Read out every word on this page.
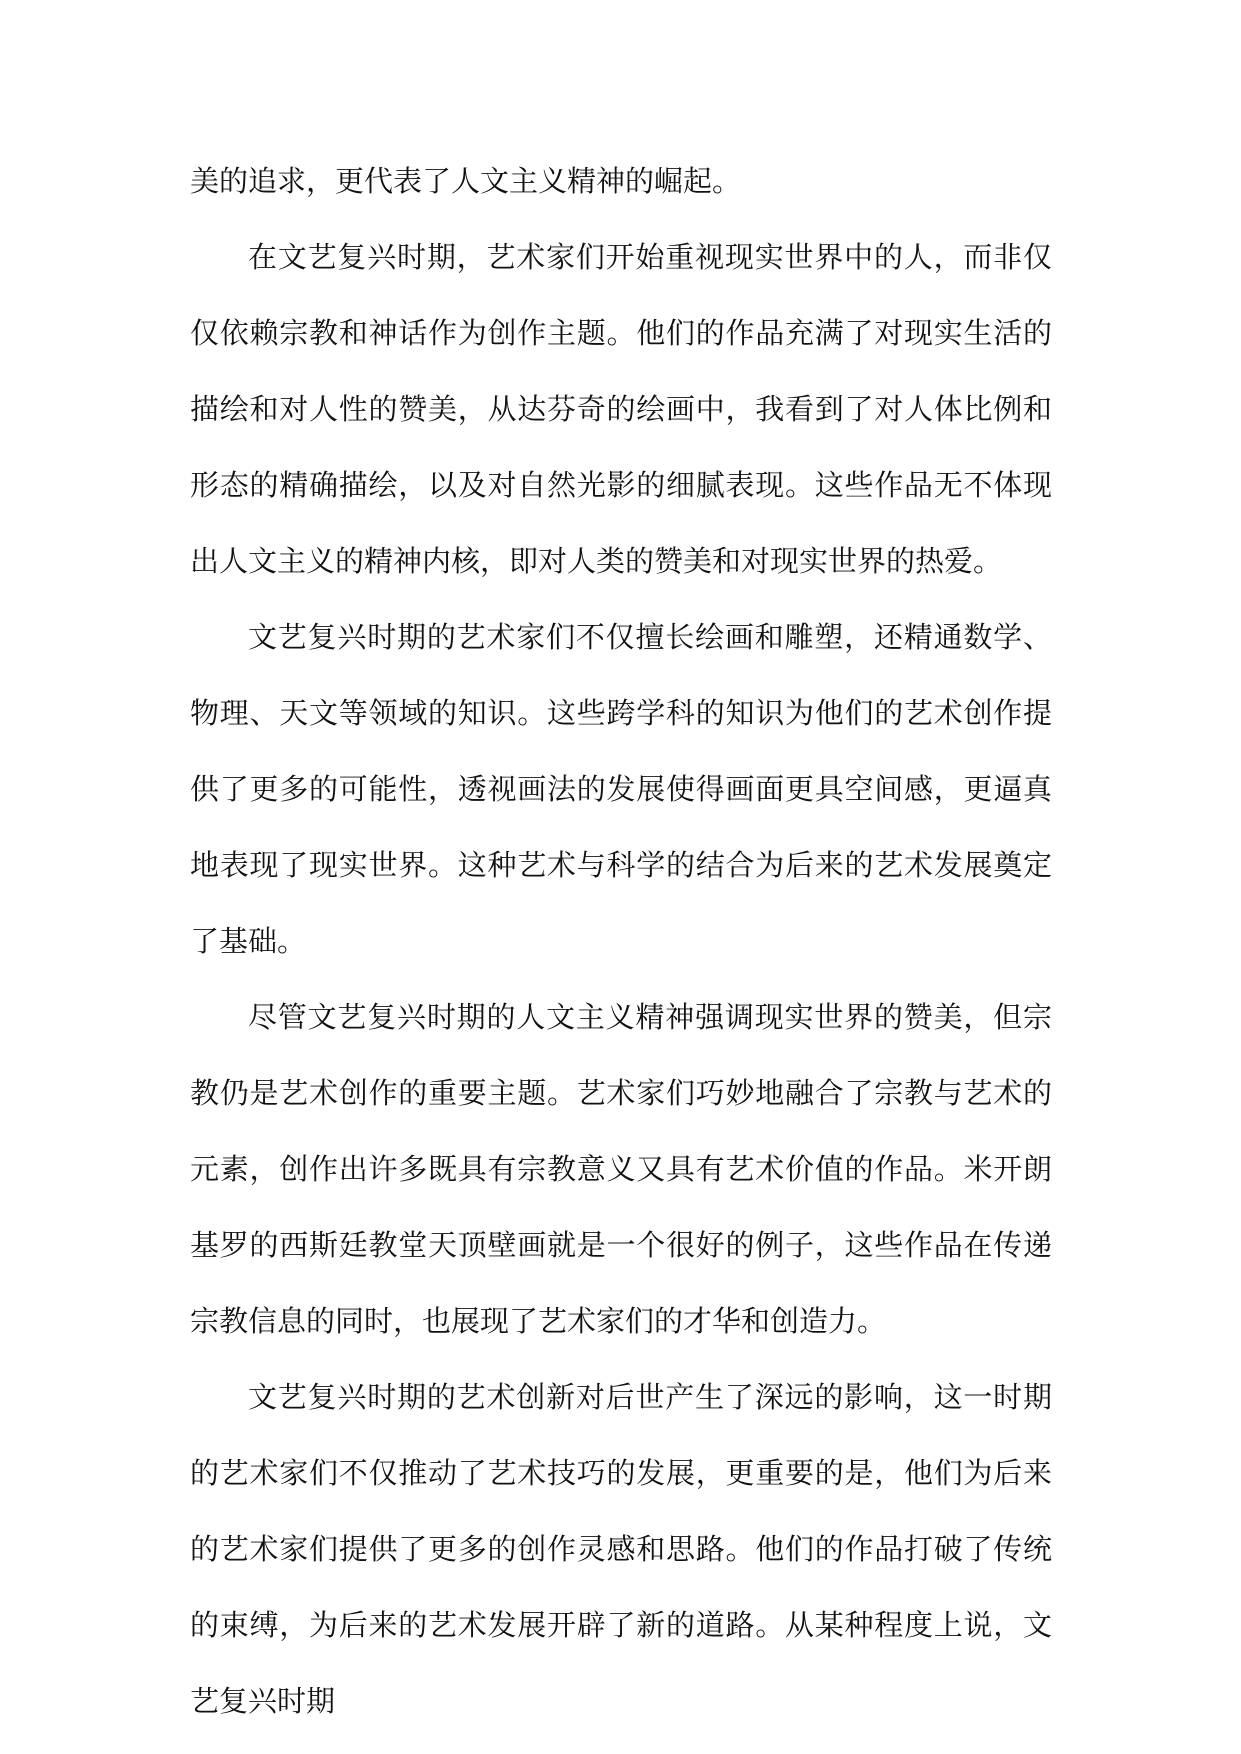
美的追求，更代表了人文主义精神的崛起。

在文艺复兴时期，艺术家们开始重视现实世界中的人，而非仅仅依赖宗教和神话作为创作主题。他们的作品充满了对现实生活的描绘和对人性的赞美，从达芬奇的绘画中，我看到了对人体比例和形态的精确描绘，以及对自然光影的细腻表现。这些作品无不体现出人文主义的精神内核，即对人类的赞美和对现实世界的热爱。

文艺复兴时期的艺术家们不仅擅长绘画和雕塑，还精通数学、物理、天文等领域的知识。这些跨学科的知识为他们的艺术创作提供了更多的可能性，透视画法的发展使得画面更具空间感，更逼真地表现了现实世界。这种艺术与科学的结合为后来的艺术发展奠定了基础。

尽管文艺复兴时期的人文主义精神强调现实世界的赞美，但宗教仍是艺术创作的重要主题。艺术家们巧妙地融合了宗教与艺术的元素，创作出许多既具有宗教意义又具有艺术价值的作品。米开朗基罗的西斯廷教堂天顶壁画就是一个很好的例子，这些作品在传递宗教信息的同时，也展现了艺术家们的才华和创造力。

文艺复兴时期的艺术创新对后世产生了深远的影响，这一时期的艺术家们不仅推动了艺术技巧的发展，更重要的是，他们为后来的艺术家们提供了更多的创作灵感和思路。他们的作品打破了传统的束缚，为后来的艺术发展开辟了新的道路。从某种程度上说，文艺复兴时期
